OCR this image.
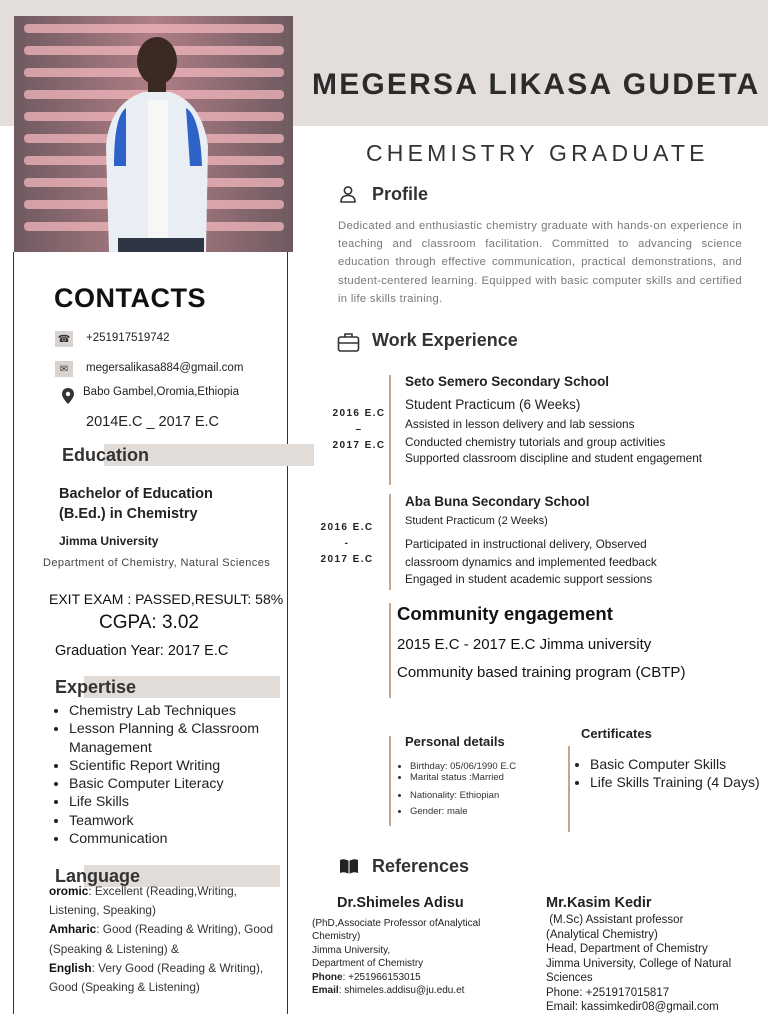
MEGERSA LIKASA GUDETA
CHEMISTRY GRADUATE
CONTACTS
☎ +251917519742
✉	megersalikasa884@gmail.com
Babo Gambel,Oromia,Ethiopia
2014E.C _ 2017 E.C
Education
Bachelor of Education
(B.Ed.) in Chemistry
Jimma University
Department of Chemistry, Natural Sciences
EXIT EXAM : PASSED,RESULT: 58%
CGPA: 3.02
Graduation Year: 2017 E.C
Expertise
• Chemistry Lab Techniques
• Lesson Planning & Classroom Management
• Scientific Report Writing
• Basic Computer Literacy
• Life Skills
• Teamwork
• Communication
Language

oromic: Excellent (Reading,Writing, Listening, Speaking)

Amharic: Good (Reading & Writing), Good (Speaking & Listening) &

English: Very Good (Reading & Writing), Good (Speaking & Listening)

Profile
Dedicated and enthusiastic chemistry graduate with hands-on experience in teaching and classroom facilitation. Committed to advancing science education through effective communication, practical demonstrations, and student-centered learning. Equipped with basic computer skills and certified in life skills training.
Work Experience
2016 E.C
–
2017 E.C
Seto Semero Secondary School
Student Practicum (6 Weeks)
Assisted in lesson delivery and lab sessions
Conducted chemistry tutorials and group activities
Supported classroom discipline and student engagement
2016 E.C
-
2017 E.C
Aba Buna Secondary School
Student Practicum (2 Weeks)
Participated in instructional delivery, Observed
classroom dynamics and implemented feedback
Engaged in student academic support sessions
Community engagement
2015 E.C - 2017 E.C Jimma university
Community based training program (CBTP)
Personal details
• Birthday: 05/06/1990 E.C
• Marital status :Married
• Nationality: Ethiopian
• Gender: male
Certificates
• Basic Computer Skills
• Life Skills Training (4 Days)
References
Dr.Shimeles Adisu
(PhD,Associate Professor ofAnalytical Chemistry)
Jimma University,
Department of Chemistry
Phone: +251966153015
Email: shimeles.addisu@ju.edu.et
Mr.Kasim Kedir
(M.Sc) Assistant professor
(Analytical Chemistry)
Head, Department of Chemistry
Jimma University, College of Natural Sciences
Phone: +251917015817
Email: kassimkedir08@gmail.com
